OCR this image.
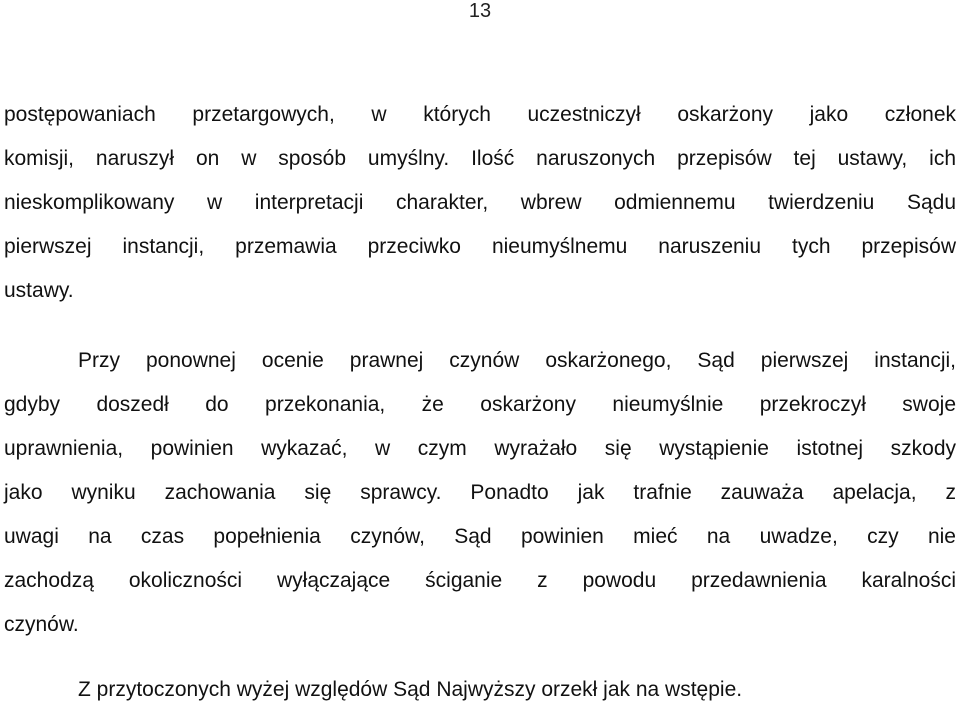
13
postępowaniach przetargowych, w których uczestniczył oskarżony jako członek
komisji, naruszył on w sposób umyślny. Ilość naruszonych przepisów tej ustawy, ich
nieskomplikowany w interpretacji charakter, wbrew odmiennemu twierdzeniu Sądu
pierwszej instancji, przemawia przeciwko nieumyślnemu naruszeniu tych przepisów
ustawy.
Przy ponownej ocenie prawnej czynów oskarżonego, Sąd pierwszej instancji,
gdyby doszedł do przekonania, że oskarżony nieumyślnie przekroczył swoje
uprawnienia, powinien wykazać, w czym wyrażało się wystąpienie istotnej szkody
jako wyniku zachowania się sprawcy. Ponadto jak trafnie zauważa apelacja, z
uwagi na czas popełnienia czynów, Sąd powinien mieć na uwadze, czy nie
zachodzą okoliczności wyłączające ściganie z powodu przedawnienia karalności
czynów.
Z przytoczonych wyżej względów Sąd Najwyższy orzekł jak na wstępie.
